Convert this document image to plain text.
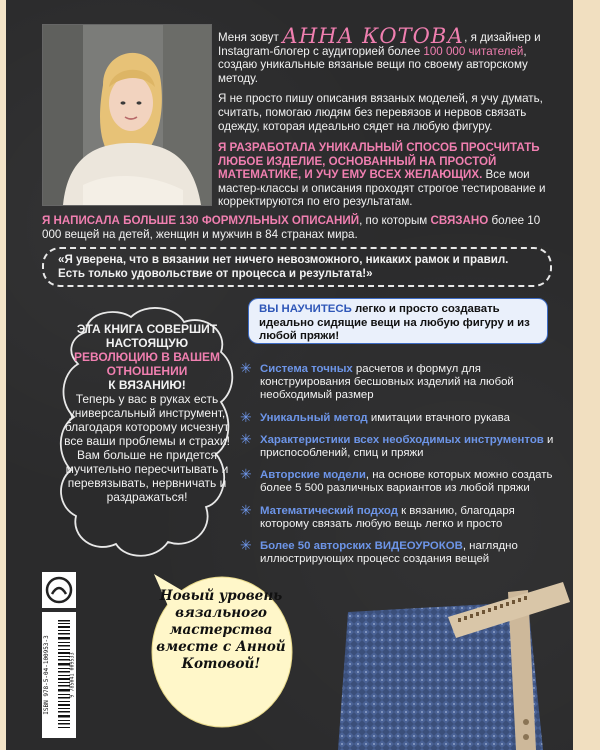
Меня зовут АННА КОТОВА, я дизайнер и Instagram-блогер с аудиторией более 100 000 читателей, создаю уникальные вязаные вещи по своему авторскому методу.

Я не просто пишу описания вязаных моделей, я учу думать, считать, помогаю людям без перевязов и нервов связать одежду, которая идеально сядет на любую фигуру.

Я РАЗРАБОТАЛА УНИКАЛЬНЫЙ СПОСОБ ПРОСЧИТАТЬ ЛЮБОЕ ИЗДЕЛИЕ, ОСНОВАННЫЙ НА ПРОСТОЙ МАТЕМАТИКЕ, И УЧУ ЕМУ ВСЕХ ЖЕЛАЮЩИХ. Все мои мастер-классы и описания проходят строгое тестирование и корректируются по его результатам.
Я НАПИСАЛА БОЛЬШЕ 130 ФОРМУЛЬНЫХ ОПИСАНИЙ, по которым СВЯЗАНО более 10 000 вещей на детей, женщин и мужчин в 84 странах мира.
«Я уверена, что в вязании нет ничего невозможного, никаких рамок и правил. Есть только удовольствие от процесса и результата!»
ЭТА КНИГА СОВЕРШИТ НАСТОЯЩУЮ
РЕВОЛЮЦИЮ В ВАШЕМ ОТНОШЕНИИ
К ВЯЗАНИЮ!
Теперь у вас в руках есть универсальный инструмент, благодаря которому исчезнут все ваши проблемы и страхи! Вам больше не придется мучительно пересчитывать и перевязывать, нервничать и раздражаться!
ВЫ НАУЧИТЕСЬ легко и просто создавать идеально сидящие вещи на любую фигуру и из любой пряжи!
✳ Система точных расчетов и формул для конструирования бесшовных изделий на любой необходимый размер
✳ Уникальный метод имитации втачного рукава
✳ Характеристики всех необходимых инструментов и приспособлений, спиц и пряжи
✳ Авторские модели, на основе которых можно создать более 5 500 различных вариантов из любой пряжи
✳ Математический подход к вязанию, благодаря которому связать любую вещь легко и просто
✳ Более 50 авторских ВИДЕОУРОКОВ, наглядно иллюстрирующих процесс создания вещей
ISBN 978-5-04-100953-3	9 785041 009533
Новый уровень вязального мастерства вместе с Анной Котовой!
